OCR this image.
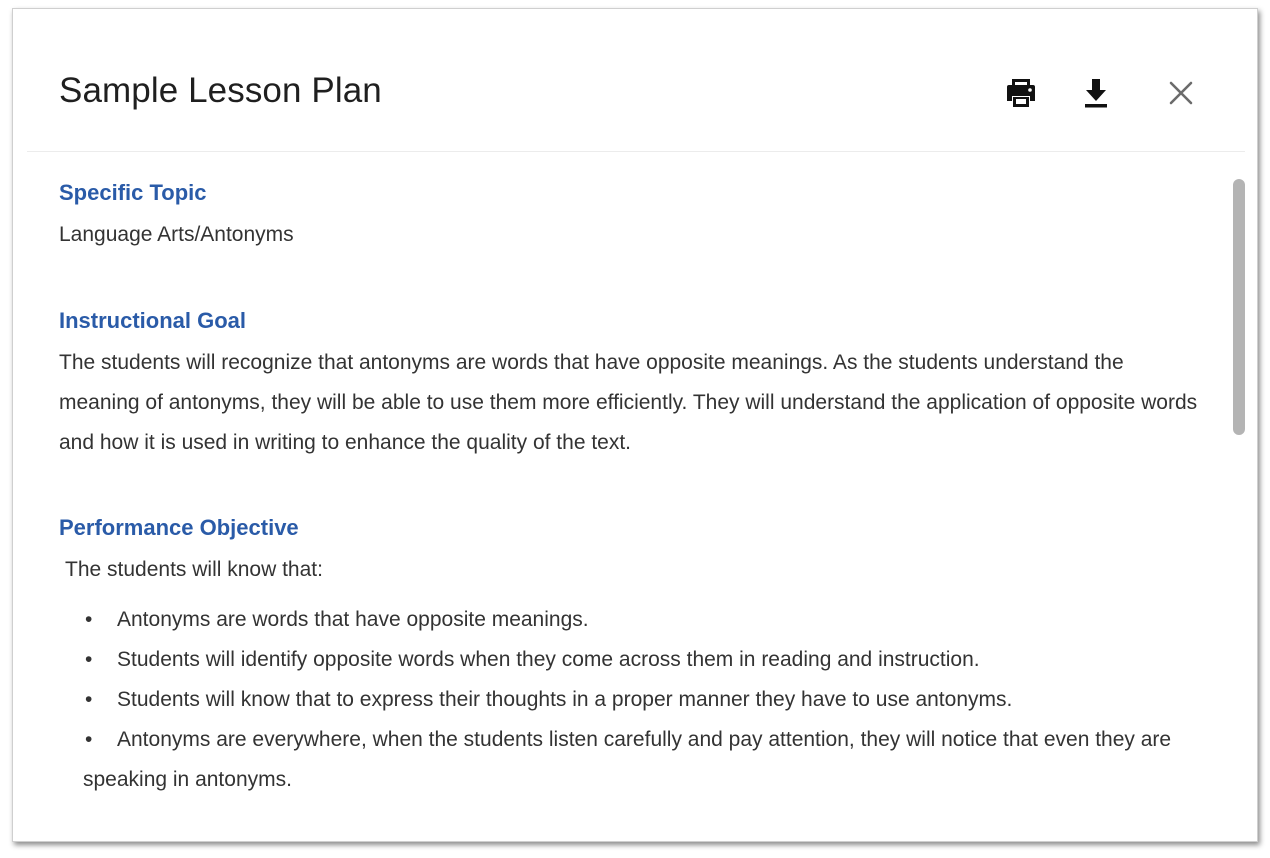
Sample Lesson Plan
Specific Topic

Language Arts/Antonyms

Instructional Goal

The students will recognize that antonyms are words that have opposite meanings. As the students understand the meaning of antonyms, they will be able to use them more efficiently. They will understand the application of opposite words and how it is used in writing to enhance the quality of the text.

Performance Objective

The students will know that:

• Antonyms are words that have opposite meanings.
• Students will identify opposite words when they come across them in reading and instruction.
• Students will know that to express their thoughts in a proper manner they have to use antonyms.
• Antonyms are everywhere, when the students listen carefully and pay attention, they will notice that even they are speaking in antonyms.
